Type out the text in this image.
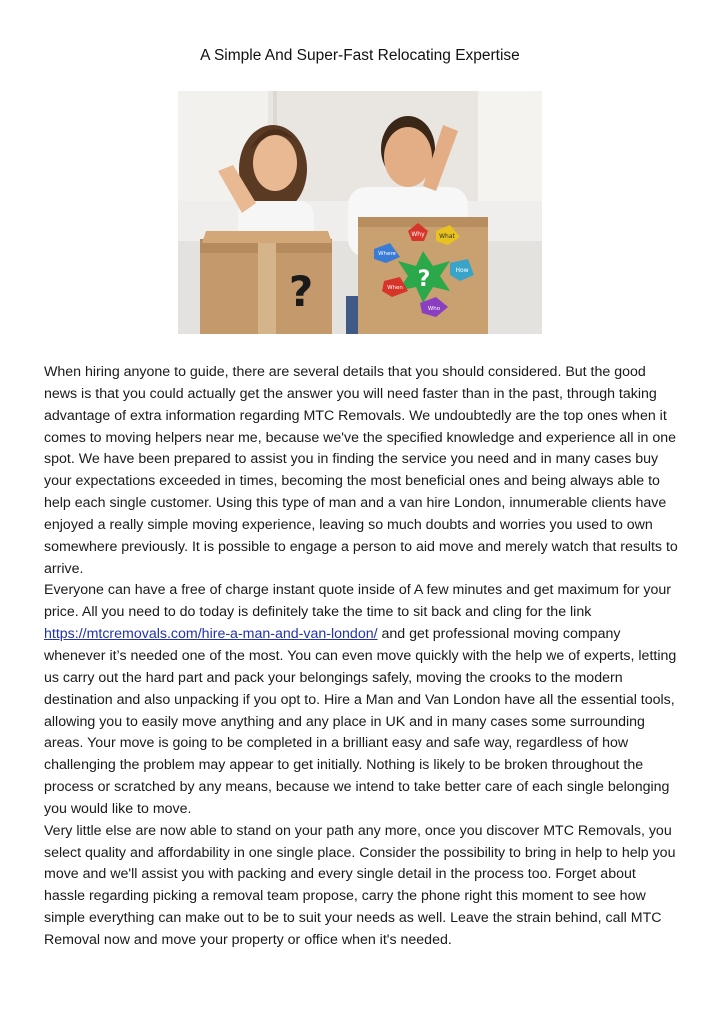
A Simple And Super-Fast Relocating Expertise
?	?
Why What
Where
How
When
Who

When hiring anyone to guide, there are several details that you should considered. But the good news is that you could actually get the answer you will need faster than in the past, through taking advantage of extra information regarding MTC Removals. We undoubtedly are the top ones when it comes to moving helpers near me, because we've the specified knowledge and experience all in one spot. We have been prepared to assist you in finding the service you need and in many cases buy your expectations exceeded in times, becoming the most beneficial ones and being always able to help each single customer. Using this type of man and a van hire London, innumerable clients have enjoyed a really simple moving experience, leaving so much doubts and worries you used to own somewhere previously. It is possible to engage a person to aid move and merely watch that results to arrive.

Everyone can have a free of charge instant quote inside of A few minutes and get maximum for your price. All you need to do today is definitely take the time to sit back and cling for the link https://mtcremovals.com/hire-a-man-and-van-london/ and get professional moving company whenever it’s needed one of the most. You can even move quickly with the help we of experts, letting us carry out the hard part and pack your belongings safely, moving the crooks to the modern destination and also unpacking if you opt to. Hire a Man and Van London have all the essential tools, allowing you to easily move anything and any place in UK and in many cases some surrounding areas. Your move is going to be completed in a brilliant easy and safe way, regardless of how challenging the problem may appear to get initially. Nothing is likely to be broken throughout the process or scratched by any means, because we intend to take better care of each single belonging you would like to move.

Very little else are now able to stand on your path any more, once you discover MTC Removals, you select quality and affordability in one single place. Consider the possibility to bring in help to help you move and we'll assist you with packing and every single detail in the process too. Forget about hassle regarding picking a removal team propose, carry the phone right this moment to see how simple everything can make out to be to suit your needs as well. Leave the strain behind, call MTC Removal now and move your property or office when it's needed.
